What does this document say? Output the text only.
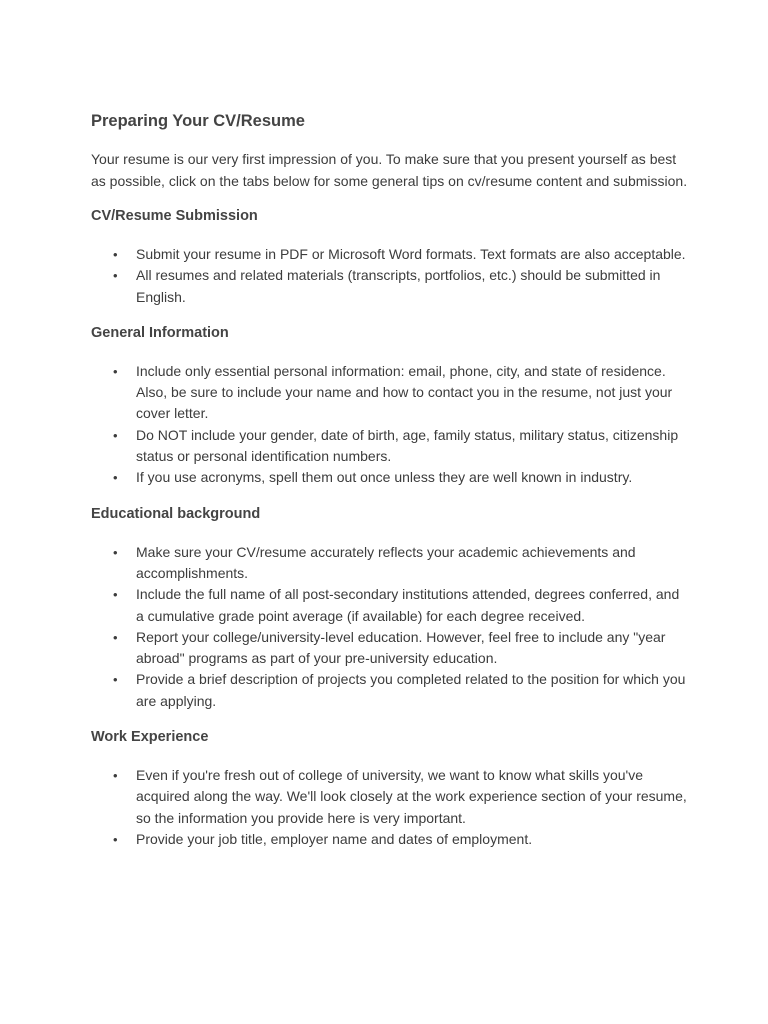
Preparing Your CV/Resume

Your resume is our very first impression of you. To make sure that you present yourself as best as possible, click on the tabs below for some general tips on cv/resume content and submission.

CV/Resume Submission
• Submit your resume in PDF or Microsoft Word formats. Text formats are also acceptable.
• All resumes and related materials (transcripts, portfolios, etc.) should be submitted in English.
General Information
• Include only essential personal information: email, phone, city, and state of residence. Also, be sure to include your name and how to contact you in the resume, not just your cover letter.
• Do NOT include your gender, date of birth, age, family status, military status, citizenship status or personal identification numbers.
• If you use acronyms, spell them out once unless they are well known in industry.
Educational background
• Make sure your CV/resume accurately reflects your academic achievements and accomplishments.
• Include the full name of all post-secondary institutions attended, degrees conferred, and a cumulative grade point average (if available) for each degree received.
• Report your college/university-level education. However, feel free to include any "year abroad" programs as part of your pre-university education.
• Provide a brief description of projects you completed related to the position for which you are applying.
Work Experience
• Even if you're fresh out of college of university, we want to know what skills you've acquired along the way. We'll look closely at the work experience section of your resume, so the information you provide here is very important.
• Provide your job title, employer name and dates of employment.
